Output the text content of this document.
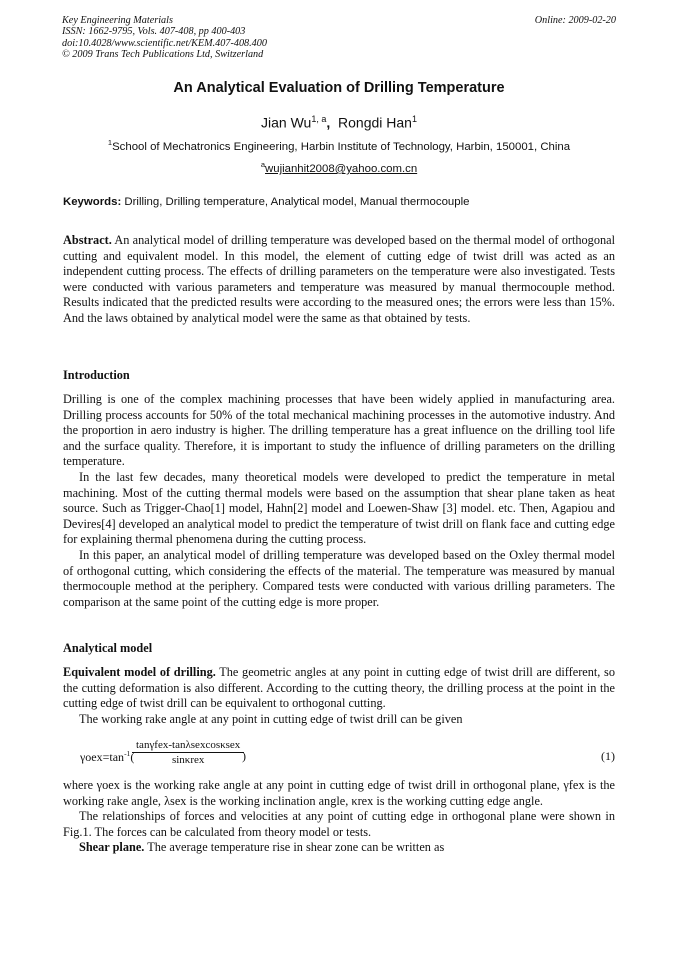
Key Engineering Materials
ISSN: 1662-9795, Vols. 407-408, pp 400-403
doi:10.4028/www.scientific.net/KEM.407-408.400
© 2009 Trans Tech Publications Ltd, Switzerland
Online: 2009-02-20
An Analytical Evaluation of Drilling Temperature
Jian Wu$^{1, a}$, Rongdi Han$^1$
$^1$School of Mechatronics Engineering, Harbin Institute of Technology, Harbin, 150001, China
$^a$wujianhit2008@yahoo.com.cn
Keywords: Drilling, Drilling temperature, Analytical model, Manual thermocouple

Abstract. An analytical model of drilling temperature was developed based on the thermal model of orthogonal cutting and equivalent model. In this model, the element of cutting edge of twist drill was acted as an independent cutting process. The effects of drilling parameters on the temperature were also investigated. Tests were conducted with various parameters and temperature was measured by manual thermocouple method. Results indicated that the predicted results were according to the measured ones; the errors were less than 15%. And the laws obtained by analytical model were the same as that obtained by tests.

Introduction

Drilling is one of the complex machining processes that have been widely applied in manufacturing area. Drilling process accounts for 50% of the total mechanical machining processes in the automotive industry. And the proportion in aero industry is higher. The drilling temperature has a great influence on the drilling tool life and the surface quality. Therefore, it is important to study the influence of drilling parameters on the drilling temperature.

In the last few decades, many theoretical models were developed to predict the temperature in metal machining. Most of the cutting thermal models were based on the assumption that shear plane taken as heat source. Such as Trigger-Chao[1] model, Hahn[2] model and Loewen-Shaw [3] model. etc. Then, Agapiou and Devires[4] developed an analytical model to predict the temperature of twist drill on flank face and cutting edge for explaining thermal phenomena during the cutting process.

In this paper, an analytical model of drilling temperature was developed based on the Oxley thermal model of orthogonal cutting, which considering the effects of the material. The temperature was measured by manual thermocouple method at the periphery. Compared tests were conducted with various drilling parameters. The comparison at the same point of the cutting edge is more proper.

Analytical model

Equivalent model of drilling. The geometric angles at any point in cutting edge of twist drill are different, so the cutting deformation is also different. According to the cutting theory, the drilling process at the point in the cutting edge of twist drill can be equivalent to orthogonal cutting.

The working rake angle at any point in cutting edge of twist drill can be given

$\gamma oex=\tan^{-1}$(
tanγfex-tanλsexcosκsex
sinκrex	)	(1)

where γoex is the working rake angle at any point in cutting edge of twist drill in orthogonal plane, γfex is the working rake angle, λsex is the working inclination angle, κrex is the working cutting edge angle.

The relationships of forces and velocities at any point of cutting edge in orthogonal plane were shown in Fig.1. The forces can be calculated from theory model or tests.

Shear plane. The average temperature rise in shear zone can be written as
